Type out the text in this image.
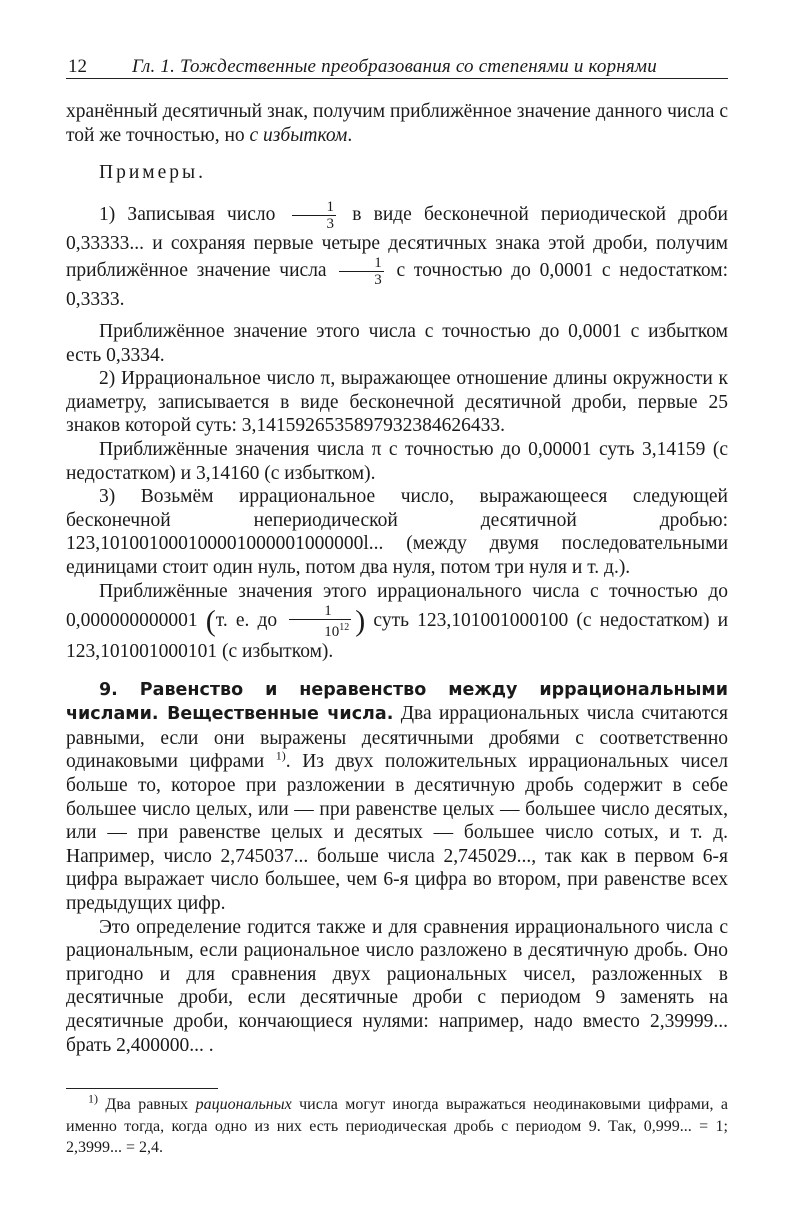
12 Гл. 1. Тождественные преобразования со степенями и корнями

хранённый десятичный знак, получим приближённое значение данного числа с той же точностью, но с избытком.

Примеры.

1) Записывая число $\frac{1}{3}$ в виде бесконечной периодической дроби 0,33333... и сохраняя первые четыре десятичных знака этой дроби, получим приближённое значение числа $\frac{1}{3}$ с точностью до 0,0001 с недостатком: 0,3333.

Приближённое значение этого числа с точностью до 0,0001 с избытком есть 0,3334.

2) Иррациональное число π, выражающее отношение длины окружности к диаметру, записывается в виде бесконечной десятичной дроби, первые 25 знаков которой суть: 3,1415926535897932384626433.

Приближённые значения числа π с точностью до 0,00001 суть 3,14159 (с недостатком) и 3,14160 (с избытком).

3) Возьмём иррациональное число, выражающееся следующей бесконечной непериодической десятичной дробью: 123,101001000100001000001000000l... (между двумя последовательными единицами стоит один нуль, потом два нуля, потом три нуля и т. д.).

Приближённые значения этого иррационального числа с точностью до 0,000000000001 (т. е. до $\frac{1}{10^{12}}$ ) суть 123,101001000100 (с недостатком) и 123,101001000101 (с избытком).

9. Равенство и неравенство между иррациональными числами. Вещественные числа. Два иррациональных числа считаются равными, если они выражены десятичными дробями с соответственно одинаковыми цифрами $^{1)}$. Из двух положительных иррациональных чисел больше то, которое при разложении в десятичную дробь содержит в себе большее число целых, или — при равенстве целых — большее число десятых, или — при равенстве целых и десятых — большее число сотых, и т. д. Например, число 2,745037... больше числа 2,745029..., так как в первом 6-я цифра выражает число большее, чем 6-я цифра во втором, при равенстве всех предыдущих цифр.

Это определение годится также и для сравнения иррационального числа с рациональным, если рациональное число разложено в десятичную дробь. Оно пригодно и для сравнения двух рациональных чисел, разложенных в десятичные дроби, если десятичные дроби с периодом 9 заменять на десятичные дроби, кончающиеся нулями: например, надо вместо 2,39999... брать 2,400000... .

$^{1)}$ Два равных рациональных числа могут иногда выражаться неодинаковыми цифрами, а именно тогда, когда одно из них есть периодическая дробь с периодом 9. Так, 0,999... = 1; 2,3999... = 2,4.
